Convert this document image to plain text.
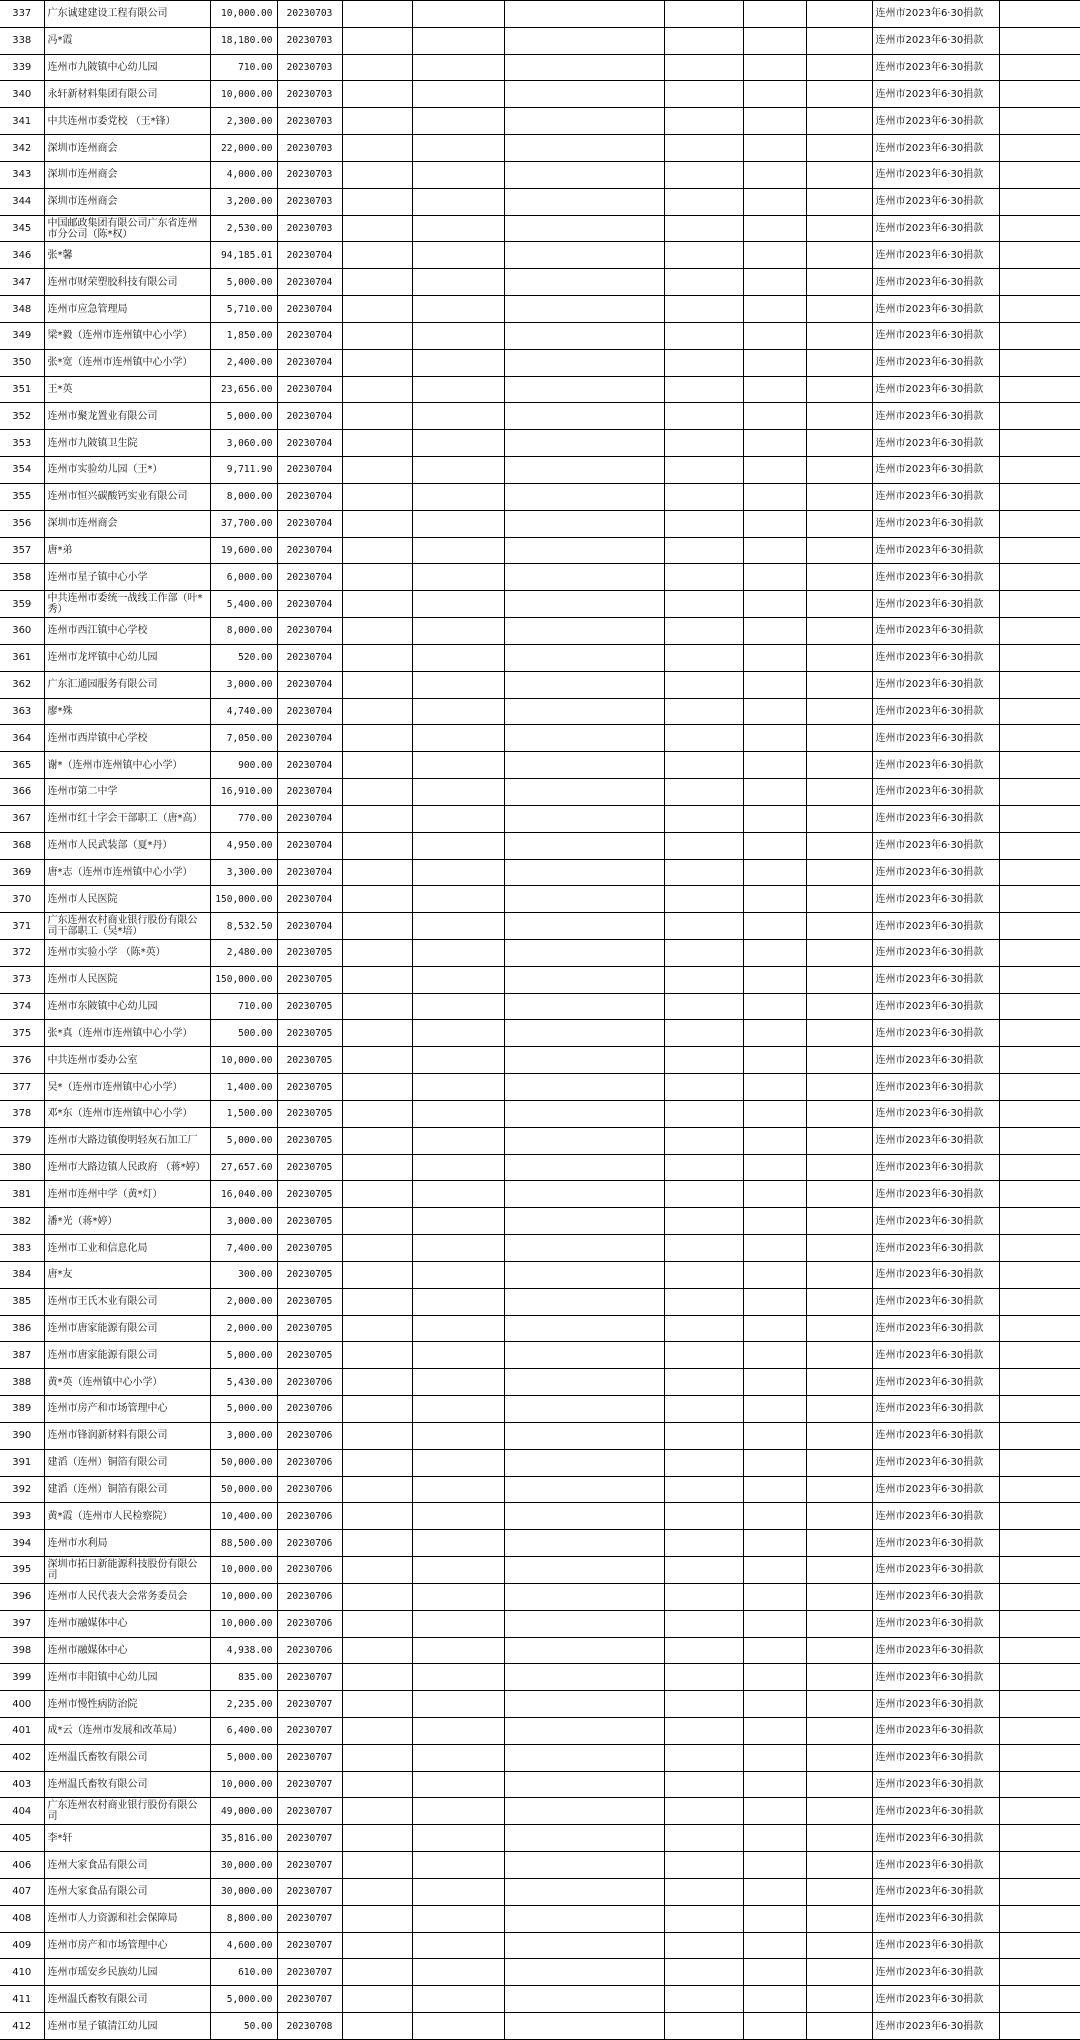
337	广东诚建建设工程有限公司	10,000.00	20230703							连州市2023年6·30捐款	
338	冯*霞	18,180.00	20230703							连州市2023年6·30捐款	
339	连州市九陂镇中心幼儿园	710.00	20230703							连州市2023年6·30捐款	
340	永轩新材料集团有限公司	10,000.00	20230703							连州市2023年6·30捐款	
341	中共连州市委党校 （王*锋）	2,300.00	20230703							连州市2023年6·30捐款	
342	深圳市连州商会	22,000.00	20230703							连州市2023年6·30捐款	
343	深圳市连州商会	4,000.00	20230703							连州市2023年6·30捐款	
344	深圳市连州商会	3,200.00	20230703							连州市2023年6·30捐款	
345	中国邮政集团有限公司广东省连州市分公司（陈*权）	2,530.00	20230703							连州市2023年6·30捐款	
346	张*馨	94,185.01	20230704							连州市2023年6·30捐款	
347	连州市财荣塑胶科技有限公司	5,000.00	20230704							连州市2023年6·30捐款	
348	连州市应急管理局	5,710.00	20230704							连州市2023年6·30捐款	
349	梁*毅（连州市连州镇中心小学）	1,850.00	20230704							连州市2023年6·30捐款	
350	张*宽（连州市连州镇中心小学）	2,400.00	20230704							连州市2023年6·30捐款	
351	王*英	23,656.00	20230704							连州市2023年6·30捐款	
352	连州市聚龙置业有限公司	5,000.00	20230704							连州市2023年6·30捐款	
353	连州市九陂镇卫生院	3,060.00	20230704							连州市2023年6·30捐款	
354	连州市实验幼儿园（王*）	9,711.90	20230704							连州市2023年6·30捐款	
355	连州市恒兴碳酸钙实业有限公司	8,000.00	20230704							连州市2023年6·30捐款	
356	深圳市连州商会	37,700.00	20230704							连州市2023年6·30捐款	
357	唐*弟	19,600.00	20230704							连州市2023年6·30捐款	
358	连州市星子镇中心小学	6,000.00	20230704							连州市2023年6·30捐款	
359	中共连州市委统一战线工作部（叶*秀）	5,400.00	20230704							连州市2023年6·30捐款	
360	连州市西江镇中心学校	8,000.00	20230704							连州市2023年6·30捐款	
361	连州市龙坪镇中心幼儿园	520.00	20230704							连州市2023年6·30捐款	
362	广东汇通园服务有限公司	3,000.00	20230704							连州市2023年6·30捐款	
363	廖*殊	4,740.00	20230704							连州市2023年6·30捐款	
364	连州市西岸镇中心学校	7,050.00	20230704							连州市2023年6·30捐款	
365	谢*（连州市连州镇中心小学）	900.00	20230704							连州市2023年6·30捐款	
366	连州市第二中学	16,910.00	20230704							连州市2023年6·30捐款	
367	连州市红十字会干部职工（唐*高）	770.00	20230704							连州市2023年6·30捐款	
368	连州市人民武装部（夏*丹）	4,950.00	20230704							连州市2023年6·30捐款	
369	唐*志（连州市连州镇中心小学）	3,300.00	20230704							连州市2023年6·30捐款	
370	连州市人民医院	150,000.00	20230704							连州市2023年6·30捐款	
371	广东连州农村商业银行股份有限公司干部职工（吴*培）	8,532.50	20230704							连州市2023年6·30捐款	
372	连州市实验小学 （陈*英）	2,480.00	20230705							连州市2023年6·30捐款	
373	连州市人民医院	150,000.00	20230705							连州市2023年6·30捐款	
374	连州市东陂镇中心幼儿园	710.00	20230705							连州市2023年6·30捐款	
375	张*真（连州市连州镇中心小学）	500.00	20230705							连州市2023年6·30捐款	
376	中共连州市委办公室	10,000.00	20230705							连州市2023年6·30捐款	
377	吴*（连州市连州镇中心小学）	1,400.00	20230705							连州市2023年6·30捐款	
378	邓*东（连州市连州镇中心小学）	1,500.00	20230705							连州市2023年6·30捐款	
379	连州市大路边镇俊明轻灰石加工厂	5,000.00	20230705							连州市2023年6·30捐款	
380	连州市大路边镇人民政府 （蒋*婷）	27,657.60	20230705							连州市2023年6·30捐款	
381	连州市连州中学（黄*灯）	16,040.00	20230705							连州市2023年6·30捐款	
382	潘*光（蒋*婷）	3,000.00	20230705							连州市2023年6·30捐款	
383	连州市工业和信息化局	7,400.00	20230705							连州市2023年6·30捐款	
384	唐*友	300.00	20230705							连州市2023年6·30捐款	
385	连州市王氏木业有限公司	2,000.00	20230705							连州市2023年6·30捐款	
386	连州市唐家能源有限公司	2,000.00	20230705							连州市2023年6·30捐款	
387	连州市唐家能源有限公司	5,000.00	20230705							连州市2023年6·30捐款	
388	黄*英（连州镇中心小学）	5,430.00	20230706							连州市2023年6·30捐款	
389	连州市房产和市场管理中心	5,000.00	20230706							连州市2023年6·30捐款	
390	连州市锋润新材料有限公司	3,000.00	20230706							连州市2023年6·30捐款	
391	建滔（连州）铜箔有限公司	50,000.00	20230706							连州市2023年6·30捐款	
392	建滔（连州）铜箔有限公司	50,000.00	20230706							连州市2023年6·30捐款	
393	黄*霞（连州市人民检察院）	10,400.00	20230706							连州市2023年6·30捐款	
394	连州市水利局	88,500.00	20230706							连州市2023年6·30捐款	
395	深圳市拓日新能源科技股份有限公司	10,000.00	20230706							连州市2023年6·30捐款	
396	连州市人民代表大会常务委员会	10,000.00	20230706							连州市2023年6·30捐款	
397	连州市融媒体中心	10,000.00	20230706							连州市2023年6·30捐款	
398	连州市融媒体中心	4,938.00	20230706							连州市2023年6·30捐款	
399	连州市丰阳镇中心幼儿园	835.00	20230707							连州市2023年6·30捐款	
400	连州市慢性病防治院	2,235.00	20230707							连州市2023年6·30捐款	
401	成*云（连州市发展和改革局）	6,400.00	20230707							连州市2023年6·30捐款	
402	连州温氏畜牧有限公司	5,000.00	20230707							连州市2023年6·30捐款	
403	连州温氏畜牧有限公司	10,000.00	20230707							连州市2023年6·30捐款	
404	广东连州农村商业银行股份有限公司	49,000.00	20230707							连州市2023年6·30捐款	
405	李*轩	35,816.00	20230707							连州市2023年6·30捐款	
406	连州大家食品有限公司	30,000.00	20230707							连州市2023年6·30捐款	
407	连州大家食品有限公司	30,000.00	20230707							连州市2023年6·30捐款	
408	连州市人力资源和社会保障局	8,800.00	20230707							连州市2023年6·30捐款	
409	连州市房产和市场管理中心	4,600.00	20230707							连州市2023年6·30捐款	
410	连州市瑶安乡民族幼儿园	610.00	20230707							连州市2023年6·30捐款	
411	连州温氏畜牧有限公司	5,000.00	20230707							连州市2023年6·30捐款	
412	连州市星子镇清江幼儿园	50.00	20230708							连州市2023年6·30捐款	
